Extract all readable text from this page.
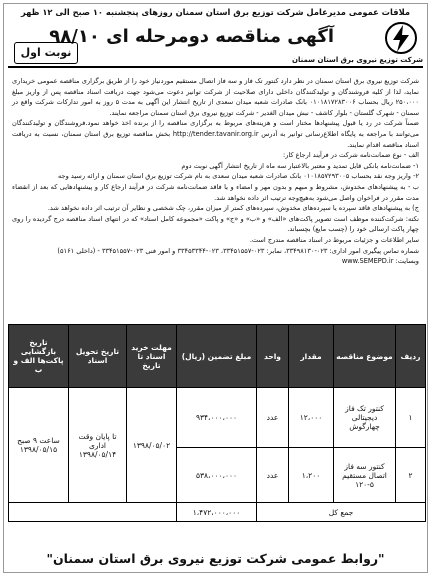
ملاقات عمومی مدیرعامل شرکت توزیع برق استان سمنان روزهای پنجشنبه ۱۰ صبح الی ۱۲ ظهر
شرکت توزیع نیروی برق استان سمنان
آگهی مناقصه دومرحله ای ۹۸/۱۰
نوبت اول

شرکت توزیع نیروی برق استان سمنان در نظر دارد کنتور تک فاز و سه فاز اتصال مستقیم موردنیاز خود را از طریق برگزاری مناقصه عمومی خریداری نماید، لذا از کلیه فروشندگان و تولیدکنندگان داخلی دارای صلاحیت از شرکت توانیر دعوت می‌شود جهت دریافت اسناد مناقصه پس از واریز مبلغ ۲۵۰،۰۰۰ ریال بحساب ۰۱۰۱۸۱۷۲۸۳۰۰۶ بانک صادرات شعبه میدان سعدی از تاریخ انتشار این آگهی به مدت ۵ روز به امور تدارکات شرکت واقع در سمنان - شهرک گلستان - بلوار کاشف - نبش میدان الغدیر - شرکت توزیع نیروی برق استان سمنان مراجعه نمایند.

ضمناً شرکت در رد یا قبول پیشنهادها مختار است و هزینه‌های مربوط به برگزاری مناقصه را از برنده اخذ خواهد نمود.فروشندگان و تولیدکنندگان می‌توانند با مراجعه به پایگاه اطلاع‌رسانی توانیر به آدرس http://tender.tavanir.org.ir بخش مناقصه توزیع برق استان سمنان، نسبت به دریافت اسناد مناقصه اقدام نمایند.

الف - نوع ضمانت‌نامه شرکت در فرآیند ارجاع کار:

۱- ضمانت‌نامه بانکی قابل تمدید و معتبر بالاعتبار سه ماه از تاریخ انتشار آگهی نوبت دوم

۲- واریز وجه نقد بحساب ۰۱۰۱۸۵۷۲۹۳۰۰۵ بانک صادرات شعبه میدان سعدی به نام شرکت توزیع برق استان سمنان و ارائه رسید وجه

ب - به پیشنهادهای مخدوش، مشروط و مبهم و بدون مهر و امضاء و یا فاقد ضمانت‌نامه شرکت در فرآیند ارجاع کار و پیشنهادهایی که بعد از انقضاء مدت مقرر در فراخوان واصل می‌شود به‌هیچ‌وجه ترتیب اثر داده نخواهد شد.

ج) به پیشنهادهای فاقد سپرده یا سپرده‌های مخدوش، سپرده‌های کمتر از میزان مقرر، چک شخصی و نظایر آن ترتیب اثر داده نخواهد شد.

نکته: شرکت‌کننده موظف است تصویر پاکت‌های «الف» و «ب» و «ج» و پاکت «مجموعه کامل اسناد» که در انتهای اسناد مناقصه درج گردیده را روی چهار پاکت ارسالی خود را (چسب مایع) بچسباند.

سایر اطلاعات و جزئیات مربوط در اسناد مناقصه مندرج است.

شماره تماس پیگیری امور اداری: ۰۲۳-۳۳۴۹۸۱۳۰، نمابر: ۰۲۳-۳۳۴۵۱۵۵۷، ۰۲۳-۳۳۴۵۳۳۴۴ و امور فنی ۰۲۳-۳۳۴۵۱۵۵۷ - (داخلی ۵۱۶۱)

وبسایت: www.SEMEPD.ir

ردیف	موضوع مناقصه	مقدار	واحد	مبلغ تضمین (ریال)	مهلت خرید اسناد تا تاریخ	تاریخ تحویل اسناد	تاریخ بازگشایی پاکت‌ها الف و ب
۱	کنتور تک فاز دیجیتالی چهارگوش	۱۲،۰۰۰	عدد	۹۳۴،۰۰۰،۰۰۰	۱۳۹۸/۰۵/۰۲	تا پایان وقت اداری ۱۳۹۸/۰۵/۱۴	ساعت ۹ صبح ۱۳۹۸/۰۵/۱۵
۲	کنتور سه فاز اتصال مستقیم ۵-۱۲۰	۱،۲۰۰	عدد	۵۳۸،۰۰۰،۰۰۰			
جمع کل				۱،۴۷۲،۰۰۰،۰۰۰			
"روابط عمومی شرکت توزیع نیروی برق استان سمنان"
